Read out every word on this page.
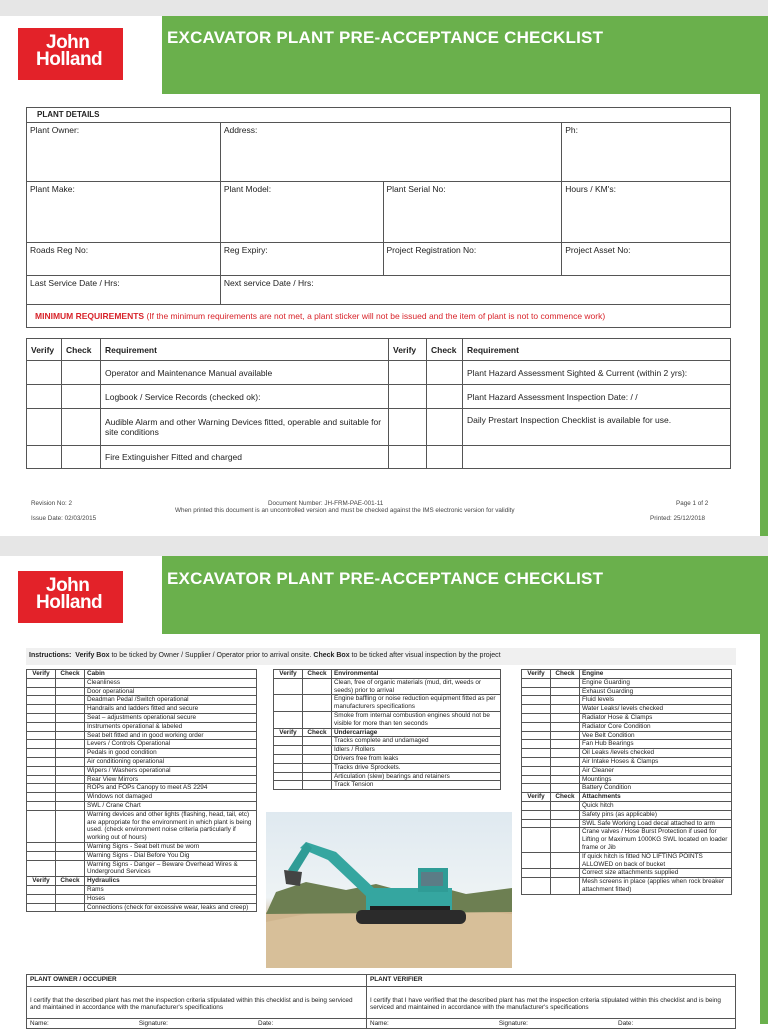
John
Holland
EXCAVATOR PLANT PRE-ACCEPTANCE CHECKLIST
PLANT DETAILS			
Plant Owner:	Address:		Ph:
Plant Make:	Plant Model:	Plant Serial No:	Hours / KM's:
Roads Reg No:	Reg Expiry:	Project Registration No:	Project Asset No:
Last Service Date / Hrs:	Next service Date / Hrs:		
MINIMUM REQUIREMENTS (If the minimum requirements are not met, a plant sticker will not be issued and the item of plant is not to commence work)			
Verify	Check	Requirement	Verify	Check	Requirement
		Operator and Maintenance Manual available			Plant Hazard Assessment Sighted & Current (within 2 yrs):
		Logbook / Service Records (checked ok):			Plant Hazard Assessment Inspection Date: / /
		Audible Alarm and other Warning Devices fitted, operable and suitable for site conditions			Daily Prestart Inspection Checklist is available for use.
		Fire Extinguisher Fitted and charged			
Revision No: 2
Issue Date: 02/03/2015
Document Number: JH-FRM-PAE-001-11
When printed this document is an uncontrolled version and must be checked against the IMS electronic version for validity
Page 1 of 2
Printed: 25/12/2018
John
Holland
EXCAVATOR PLANT PRE-ACCEPTANCE CHECKLIST
Instructions: Verify Box to be ticked by Owner / Supplier / Operator prior to arrival onsite. Check Box to be ticked after visual inspection by the project
Verify	Check	Cabin
		Cleanliness
		Door operational
		Deadman Pedal /Switch operational
		Handrails and ladders fitted and secure
		Seat – adjustments operational secure
		Instruments operational & labeled
		Seat belt fitted and in good working order
		Levers / Controls Operational
		Pedals in good condition
		Air conditioning operational
		Wipers / Washers operational
		Rear View Mirrors
		ROPs and FOPs Canopy to meet AS 2294
		Windows not damaged
		SWL / Crane Chart
		Warning devices and other lights (flashing, head, tail, etc) are appropriate for the environment in which plant is being used. (check environment noise criteria particularly if working out of hours)
		Warning Signs - Seat belt must be worn
		Warning Signs - Dial Before You Dig
		Warning Signs - Danger – Beware Overhead Wires & Underground Services
Verify	Check	Hydraulics
		Rams
		Hoses
		Connections (check for excessive wear, leaks and creep)
Verify	Check	Environmental
		Clean, free of organic materials (mud, dirt, weeds or seeds) prior to arrival
		Engine baffling or noise reduction equipment fitted as per manufacturers specifications
		Smoke from internal combustion engines should not be visible for more than ten seconds
Verify	Check	Undercarriage
		Tracks complete and undamaged
		Idlers / Rollers
		Drivers free from leaks
		Tracks drive Sprockets.
		Articulation (slew) bearings and retainers
		Track Tension
Verify	Check	Engine
		Engine Guarding
		Exhaust Guarding
		Fluid levels
		Water Leaks/ levels checked
		Radiator Hose & Clamps
		Radiator Core Condition
		Vee Belt Condition
		Fan Hub Bearings
		Oil Leaks /levels checked
		Air Intake Hoses & Clamps
		Air Cleaner
		Mountings
		Battery Condition
Verify	Check	Attachments
		Quick hitch
		Safety pins (as applicable)
		SWL Safe Working Load decal attached to arm
		Crane valves / Hose Burst Protection if used for Lifting or Maximum 1000KG SWL located on loader frame or Jib
		If quick hitch is fitted NO LIFTING POINTS ALLOWED on back of bucket
		Correct size attachments supplied
		Mesh screens in place (applies when rock breaker attachment fitted)
PLANT OWNER / OCCUPIER	PLANT VERIFIER
I certify that the described plant has met the inspection criteria stipulated within this checklist and is being serviced and maintained in accordance with the manufacturer's specifications	I certify that I have verified that the described plant has met the inspection criteria stipulated within this checklist and is being serviced and maintained in accordance with the manufacturer's specifications
Name: Signature: Date:	Name: Signature: Date:
